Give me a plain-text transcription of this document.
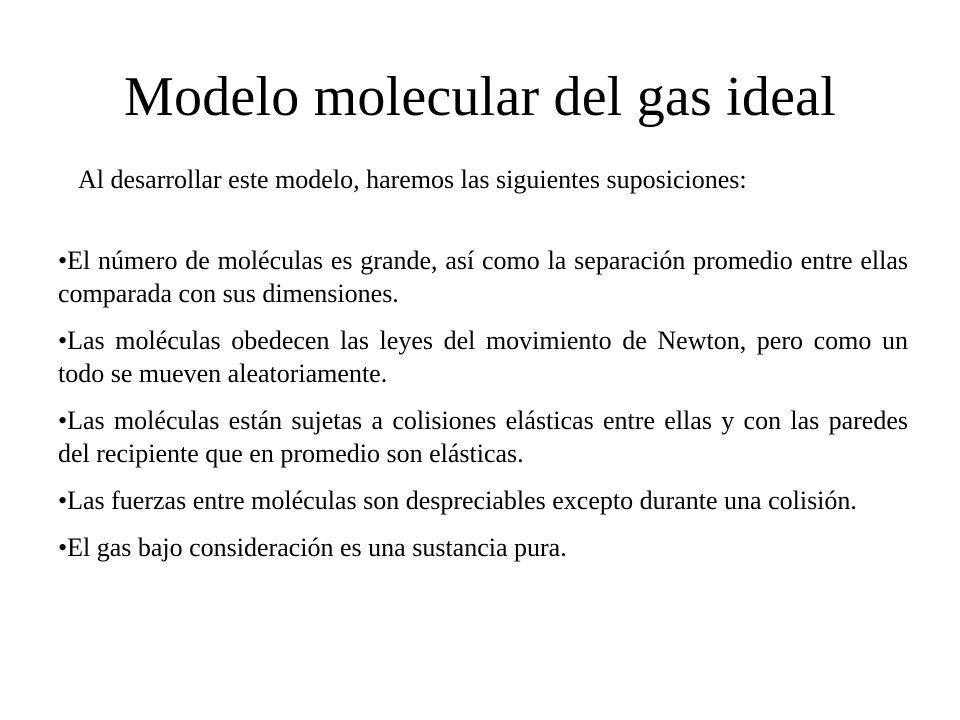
Modelo molecular del gas ideal
Al desarrollar este modelo, haremos las siguientes suposiciones:
•El número de moléculas es grande, así como la separación promedio entre ellas comparada con sus dimensiones.
•Las moléculas obedecen las leyes del movimiento de Newton, pero como un todo se mueven aleatoriamente.
•Las moléculas están sujetas a colisiones elásticas entre ellas y con las paredes del recipiente que en promedio son elásticas.
•Las fuerzas entre moléculas son despreciables excepto durante una colisión.
•El gas bajo consideración es una sustancia pura.
